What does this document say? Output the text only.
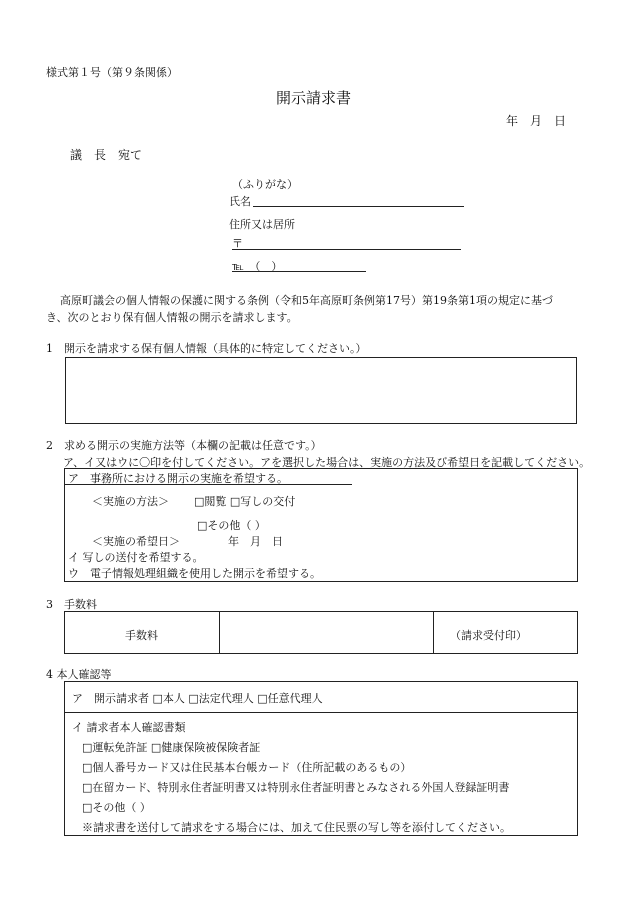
様式第１号（第９条関係）
開示請求書
年　月　日
議　長　宛て
（ふりがな）
氏名
住所又は居所
〒
℡　（　）
高原町議会の個人情報の保護に関する条例（令和5年高原町条例第17号）第19条第1項の規定に基づ
き、次のとおり保有個人情報の開示を請求します。
1　開示を請求する保有個人情報（具体的に特定してください。）
2　求める開示の実施方法等（本欄の記載は任意です。）
ア、イ又はウに〇印を付してください。アを選択した場合は、実施の方法及び希望日を記載してください。
ア　事務所における開示の実施を希望する。
＜実施の方法＞ □閲覧 □写しの交付
□その他（ ）
＜実施の希望日＞	年　月　日
イ 写しの送付を希望する。
ウ　電子情報処理組織を使用した開示を希望する。
3　手数料
手数料	（請求受付印）
4 本人確認等
ア　開示請求者 □本人 □法定代理人 □任意代理人
イ 請求者本人確認書類
□運転免許証 □健康保険被保険者証
□個人番号カード又は住民基本台帳カード（住所記載のあるもの）
□在留カード、特別永住者証明書又は特別永住者証明書とみなされる外国人登録証明書
□その他（ ）
※請求書を送付して請求をする場合には、加えて住民票の写し等を添付してください。
